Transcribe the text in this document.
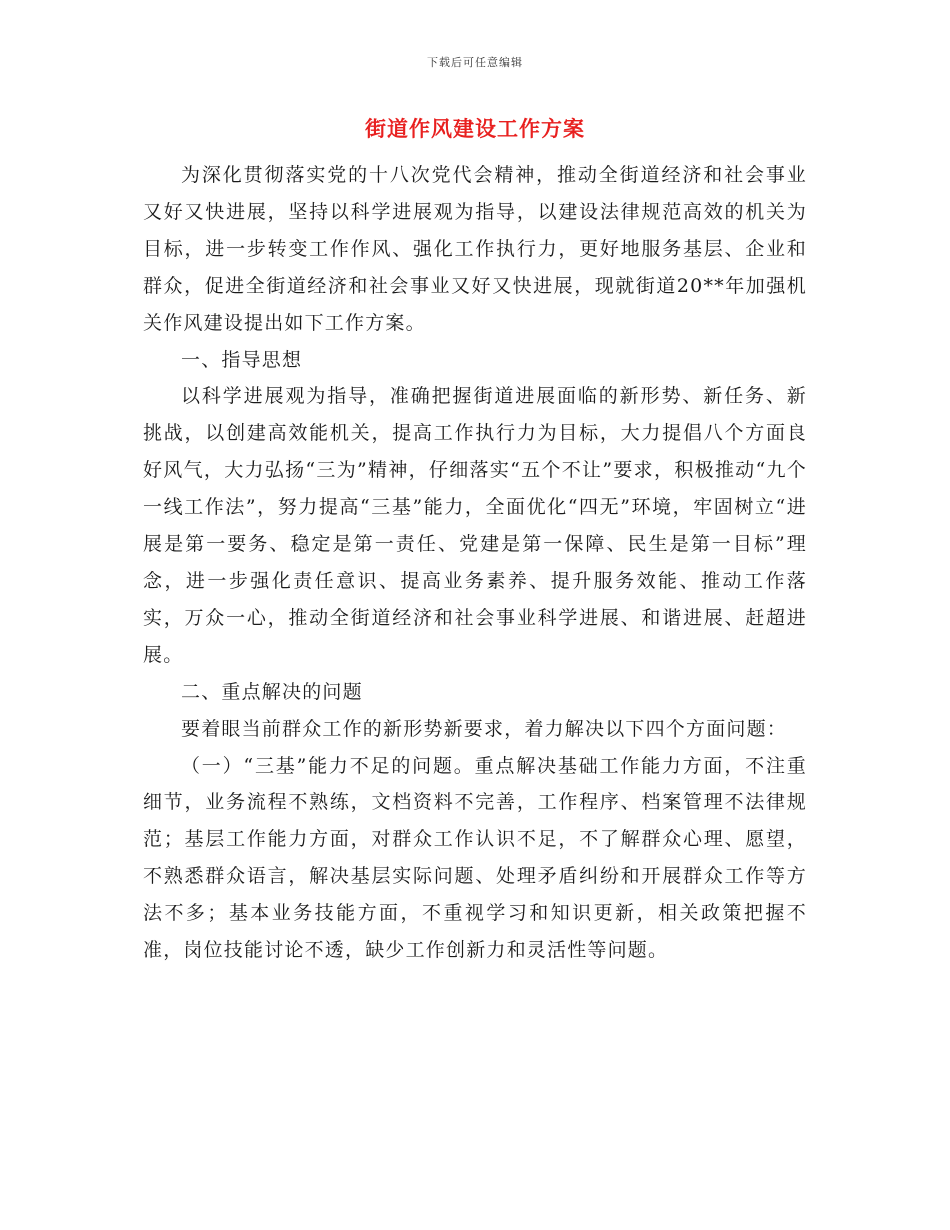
下载后可任意编辑
街道作风建设工作方案

为深化贯彻落实党的十八次党代会精神，推动全街道经济和社会事业又好又快进展，坚持以科学进展观为指导，以建设法律规范高效的机关为目标，进一步转变工作作风、强化工作执行力，更好地服务基层、企业和群众，促进全街道经济和社会事业又好又快进展，现就街道20**年加强机关作风建设提出如下工作方案。

一、指导思想

以科学进展观为指导，准确把握街道进展面临的新形势、新任务、新挑战，以创建高效能机关，提高工作执行力为目标，大力提倡八个方面良好风气，大力弘扬“三为”精神，仔细落实“五个不让”要求，积极推动“九个一线工作法”，努力提高“三基”能力，全面优化“四无”环境，牢固树立“进展是第一要务、稳定是第一责任、党建是第一保障、民生是第一目标”理念，进一步强化责任意识、提高业务素养、提升服务效能、推动工作落实，万众一心，推动全街道经济和社会事业科学进展、和谐进展、赶超进展。

二、重点解决的问题

要着眼当前群众工作的新形势新要求，着力解决以下四个方面问题：

（一）“三基”能力不足的问题。重点解决基础工作能力方面，不注重细节，业务流程不熟练，文档资料不完善，工作程序、档案管理不法律规范；基层工作能力方面，对群众工作认识不足，不了解群众心理、愿望，不熟悉群众语言，解决基层实际问题、处理矛盾纠纷和开展群众工作等方法不多；基本业务技能方面，不重视学习和知识更新，相关政策把握不准，岗位技能讨论不透，缺少工作创新力和灵活性等问题。
